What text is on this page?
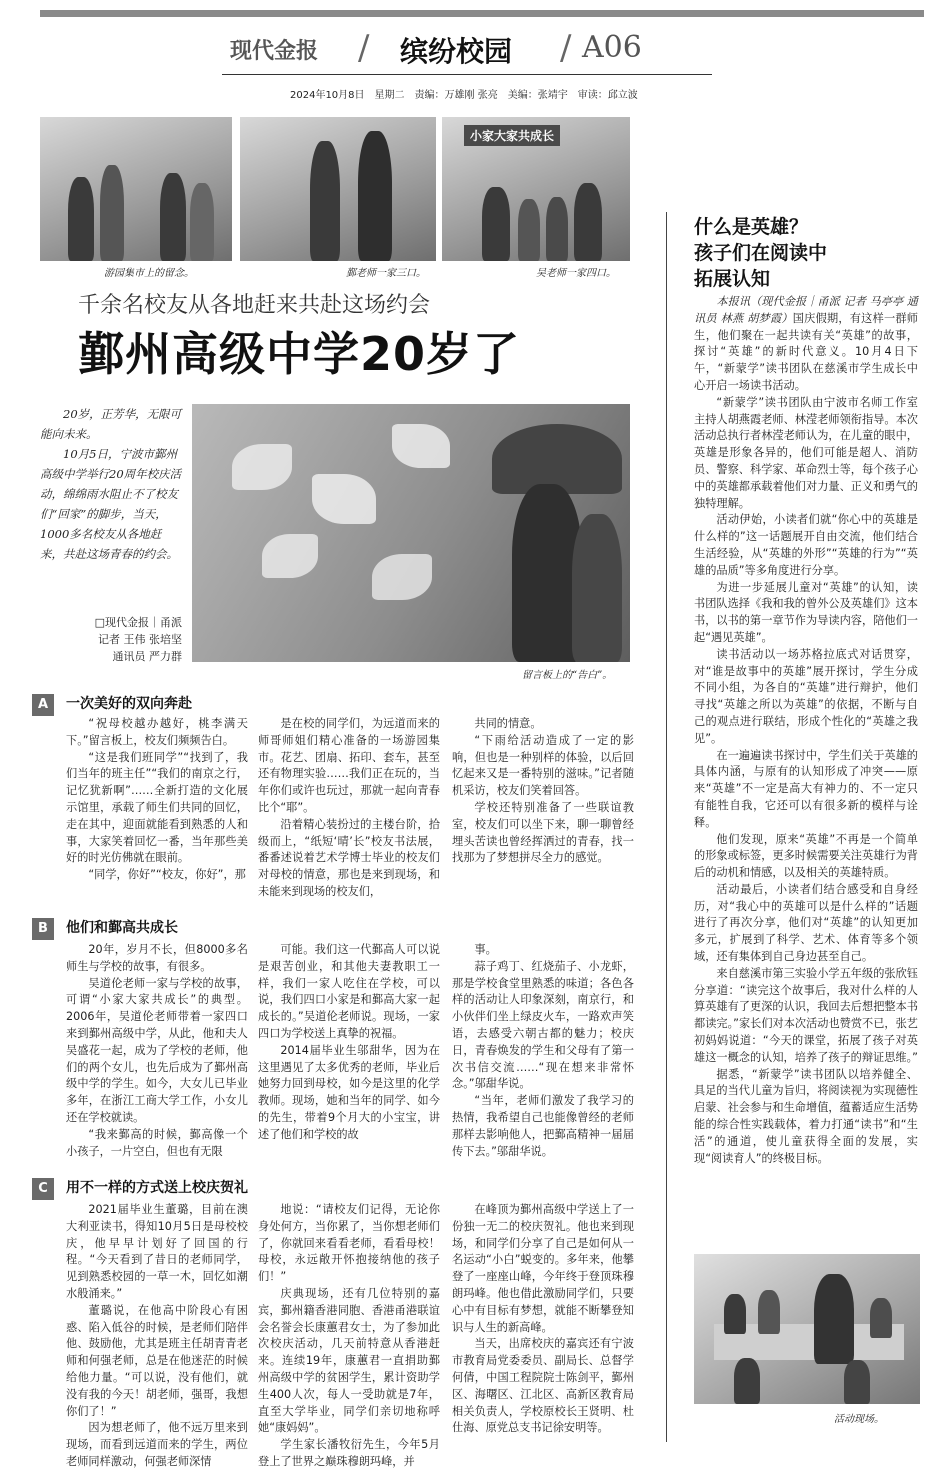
现代金报 / 缤纷校园 / A06
2024年10月8日　星期二　责编：万雄刚 张亮　美编：张靖宇　审读：邱立波
游园集市上的留念。	鄞老师一家三口。
小家大家共成长
吴老师一家四口。
千余名校友从各地赶来共赴这场约会
鄞州高级中学20岁了

20岁，正芳华，无限可能向未来。

10月5日，宁波市鄞州高级中学举行20周年校庆活动，绵绵雨水阻止不了校友们“回家”的脚步，当天，1000多名校友从各地赶来，共赴这场青春的约会。

□现代金报｜甬派
记者 王伟 张培坚
通讯员 严力群
留言板上的“告白”。
A	一次美好的双向奔赴

“祝母校越办越好，桃李满天下。”留言板上，校友们频频告白。

“这是我们班同学”“找到了，我们当年的班主任”“我们的南京之行，记忆犹新啊”……全新打造的文化展示馆里，承载了师生们共同的回忆，走在其中，迎面就能看到熟悉的人和事，大家笑着回忆一番，当年那些美好的时光仿佛就在眼前。

“同学，你好”“校友，你好”，那

是在校的同学们，为远道而来的师哥师姐们精心准备的一场游园集市。花艺、团扇、拓印、套车，甚至还有物理实验……我们正在玩的，当年你们或许也玩过，那就一起向青春比个“耶”。

沿着精心装扮过的主楼台阶，拾级而上，“纸短‘晴’长”校友书法展，番番述说着艺术学博士毕业的校友们对母校的情意，那也是来到现场，和未能来到现场的校友们，

共同的情意。

“下雨给活动造成了一定的影响，但也是一种别样的体验，以后回忆起来又是一番特别的滋味。”记者随机采访，校友们笑着回答。

学校还特别准备了一些联谊教室，校友们可以坐下来，聊一聊曾经埋头苦读也曾经挥洒过的青春，找一找那为了梦想拼尽全力的感觉。

B	他们和鄞高共成长

20年，岁月不长，但8000多名师生与学校的故事，有很多。

吴道伦老师一家与学校的故事，可谓“小家大家共成长”的典型。2006年，吴道伦老师带着一家四口来到鄞州高级中学，从此，他和夫人吴盛花一起，成为了学校的老师，他们的两个女儿，也先后成为了鄞州高级中学的学生。如今，大女儿已毕业多年，在浙江工商大学工作，小女儿还在学校就读。

“我来鄞高的时候，鄞高像一个小孩子，一片空白，但也有无限

可能。我们这一代鄞高人可以说是艰苦创业，和其他夫妻教职工一样，我们一家人吃住在学校，可以说，我们四口小家是和鄞高大家一起成长的。”吴道伦老师说。现场，一家四口为学校送上真挚的祝福。

2014届毕业生邬甜华，因为在这里遇见了太多优秀的老师，毕业后她努力回到母校，如今是这里的化学教师。现场，她和当年的同学、如今的先生，带着9个月大的小宝宝，讲述了他们和学校的故

事。

蒜子鸡丁、红烧茄子、小龙虾，那是学校食堂里熟悉的味道；各色各样的活动让人印象深刻，南京行，和小伙伴们坐上绿皮火车，一路欢声笑语，去感受六朝古都的魅力；校庆日，青春焕发的学生和父母有了第一次书信交流……“现在想来非常怀念。”邬甜华说。

“当年，老师们激发了我学习的热情，我希望自己也能像曾经的老师那样去影响他人，把鄞高精神一届届传下去。”邬甜华说。

C	用不一样的方式送上校庆贺礼

2021届毕业生董璐，目前在澳大利亚读书，得知10月5日是母校校庆，他早早计划好了回国的行程。“今天看到了昔日的老师同学，见到熟悉校园的一草一木，回忆如潮水般涌来。”

董璐说，在他高中阶段心有困惑、陷入低谷的时候，是老师们陪伴他、鼓励他，尤其是班主任胡青青老师和何强老师，总是在他迷茫的时候给他力量。“可以说，没有他们，就没有我的今天！胡老师，强哥，我想你们了！”

因为想老师了，他不远万里来到现场，而看到远道而来的学生，两位老师同样激动，何强老师深情

地说：“请校友们记得，无论你身处何方，当你累了，当你想老师们了，你就回来看看老师，看看母校！母校，永远敞开怀抱接纳他的孩子们！”

庆典现场，还有几位特别的嘉宾，鄞州籍香港同胞、香港甬港联谊会名誉会长康蕙君女士，为了参加此次校庆活动，几天前特意从香港赶来。连续19年，康蕙君一直捐助鄞州高级中学的贫困学生，累计资助学生400人次，每人一受助就是7年，直至大学毕业，同学们亲切地称呼她“康妈妈”。

学生家长潘牧衍先生，今年5月登上了世界之巅珠穆朗玛峰，并

在峰顶为鄞州高级中学送上了一份独一无二的校庆贺礼。他也来到现场，和同学们分享了自己是如何从一名运动“小白”蜕变的。多年来，他攀登了一座座山峰，今年终于登顶珠穆朗玛峰。他也借此激励同学们，只要心中有目标有梦想，就能不断攀登知识与人生的新高峰。

当天，出席校庆的嘉宾还有宁波市教育局党委委员、副局长、总督学何倩，中国工程院院士陈剑平，鄞州区、海曙区、江北区、高新区教育局相关负责人，学校原校长王贤明、杜仕海、原党总支书记徐安明等。

什么是英雄？
孩子们在阅读中
拓展认知

本报讯（现代金报｜甬派 记者 马亭亭 通讯员 林燕 胡梦霞）国庆假期，有这样一群师生，他们聚在一起共读有关“英雄”的故事，探讨“英雄”的新时代意义。10月4日下午，“新蒙学”读书团队在慈溪市学生成长中心开启一场读书活动。

“新蒙学”读书团队由宁波市名师工作室主持人胡燕霞老师、林滢老师领衔指导。本次活动总执行者林滢老师认为，在儿童的眼中，英雄是形象各异的，他们可能是超人、消防员、警察、科学家、革命烈士等，每个孩子心中的英雄都承载着他们对力量、正义和勇气的独特理解。

活动伊始，小读者们就“你心中的英雄是什么样的”这一话题展开自由交流，他们结合生活经验，从“英雄的外形”“英雄的行为”“英雄的品质”等多角度进行分享。

为进一步延展儿童对“英雄”的认知，读书团队选择《我和我的曾外公及英雄们》这本书，以书的第一章节作为导读内容，陪他们一起“遇见英雄”。

读书活动以一场苏格拉底式对话贯穿，对“谁是故事中的英雄”展开探讨，学生分成不同小组，为各自的“英雄”进行辩护，他们寻找“英雄之所以为英雄”的依据，不断与自己的观点进行联结，形成个性化的“英雄之我见”。

在一遍遍读书探讨中，学生们关于英雄的具体内涵，与原有的认知形成了冲突——原来“英雄”不一定是高大有神力的、不一定只有能牲自我，它还可以有很多新的模样与诠释。

他们发现，原来“英雄”不再是一个简单的形象或标签，更多时候需要关注英雄行为背后的动机和情感，以及相关的英雄特质。

活动最后，小读者们结合感受和自身经历，对“我心中的英雄可以是什么样的”话题进行了再次分享，他们对“英雄”的认知更加多元，扩展到了科学、艺术、体育等多个领域，还有集体到自己身边甚至自己。

来自慈溪市第三实验小学五年级的张欣钰分享道：“读完这个故事后，我对什么样的人算英雄有了更深的认识，我回去后想把整本书都读完。”家长们对本次活动也赞赏不已，张艺初妈妈说道：“今天的课堂，拓展了孩子对英雄这一概念的认知，培养了孩子的辩证思维。”

据悉，“新蒙学”读书团队以培养健全、具足的当代儿童为旨归，将阅读视为实现德性启蒙、社会参与和生命增值，蕴蓄适应生活势能的综合性实践载体，着力打通“读书”和“生活”的通道，使儿童获得全面的发展，实现“阅读育人”的终极目标。

活动现场。
